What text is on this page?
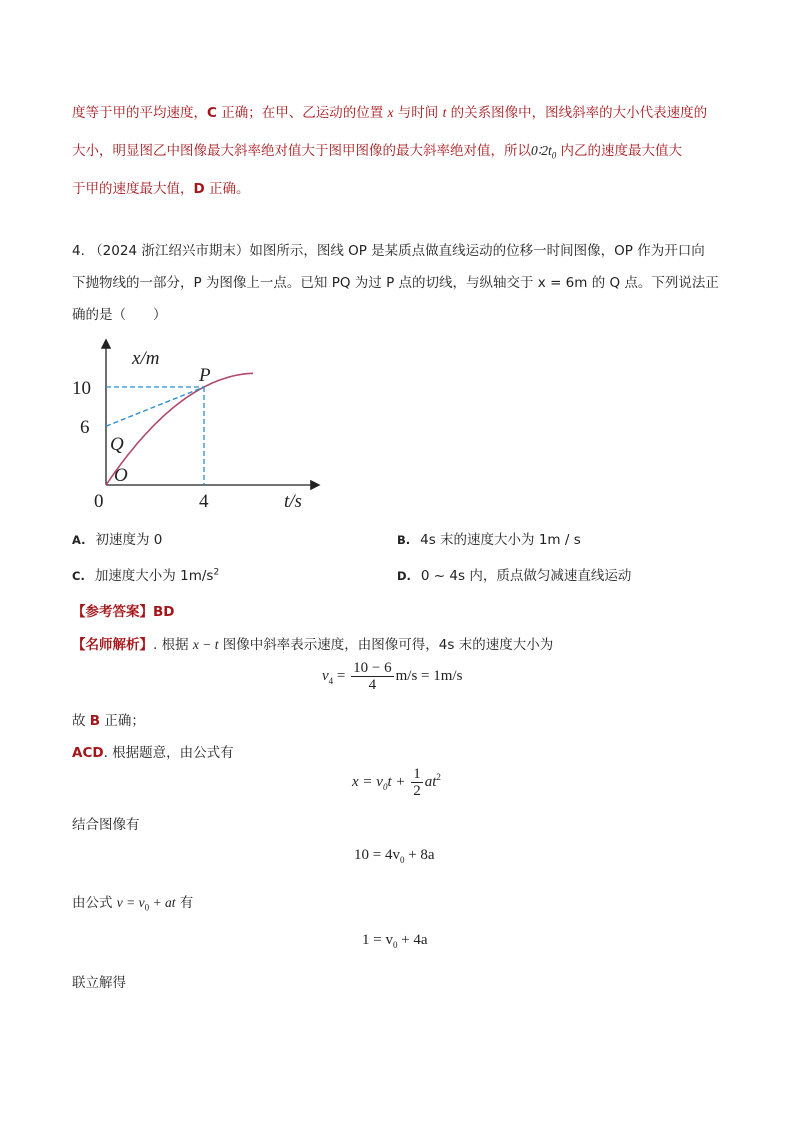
度等于甲的平均速度，C 正确；在甲、乙运动的位置 x 与时间 t 的关系图像中，图线斜率的大小代表速度的
大小，明显图乙中图像最大斜率绝对值大于图甲图像的最大斜率绝对值，所以$0∶2t_0$ 内乙的速度最大值大
于甲的速度最大值，D 正确。
4. （2024 浙江绍兴市期末）如图所示，图线 OP 是某质点做直线运动的位移一时间图像，OP 作为开口向
下抛物线的一部分，P 为图像上一点。已知 PQ 为过 P 点的切线，与纵轴交于 x = 6m 的 Q 点。下列说法正
确的是（　　）
x/m
t/s
0
O
P
Q
10
6
4
A. 初速度为 0	B. 4s 末的速度大小为 1m / s
C. 加速度大小为 $1m/s^2$	D. 0 ~ 4s 内，质点做匀减速直线运动
【参考答案】BD
【名师解析】. 根据 x − t 图像中斜率表示速度，由图像可得，4s 末的速度大小为
$v_4 = \frac{10 - 6}{4} m/s = 1m/s$
故 B 正确；
ACD. 根据题意，由公式有
$x = v_0t + \frac{1}{2} at^2$
结合图像有
$10 = 4v_0 + 8a$
由公式 $v = v_0$ + at 有
$1 = v_0 + 4a$
联立解得
